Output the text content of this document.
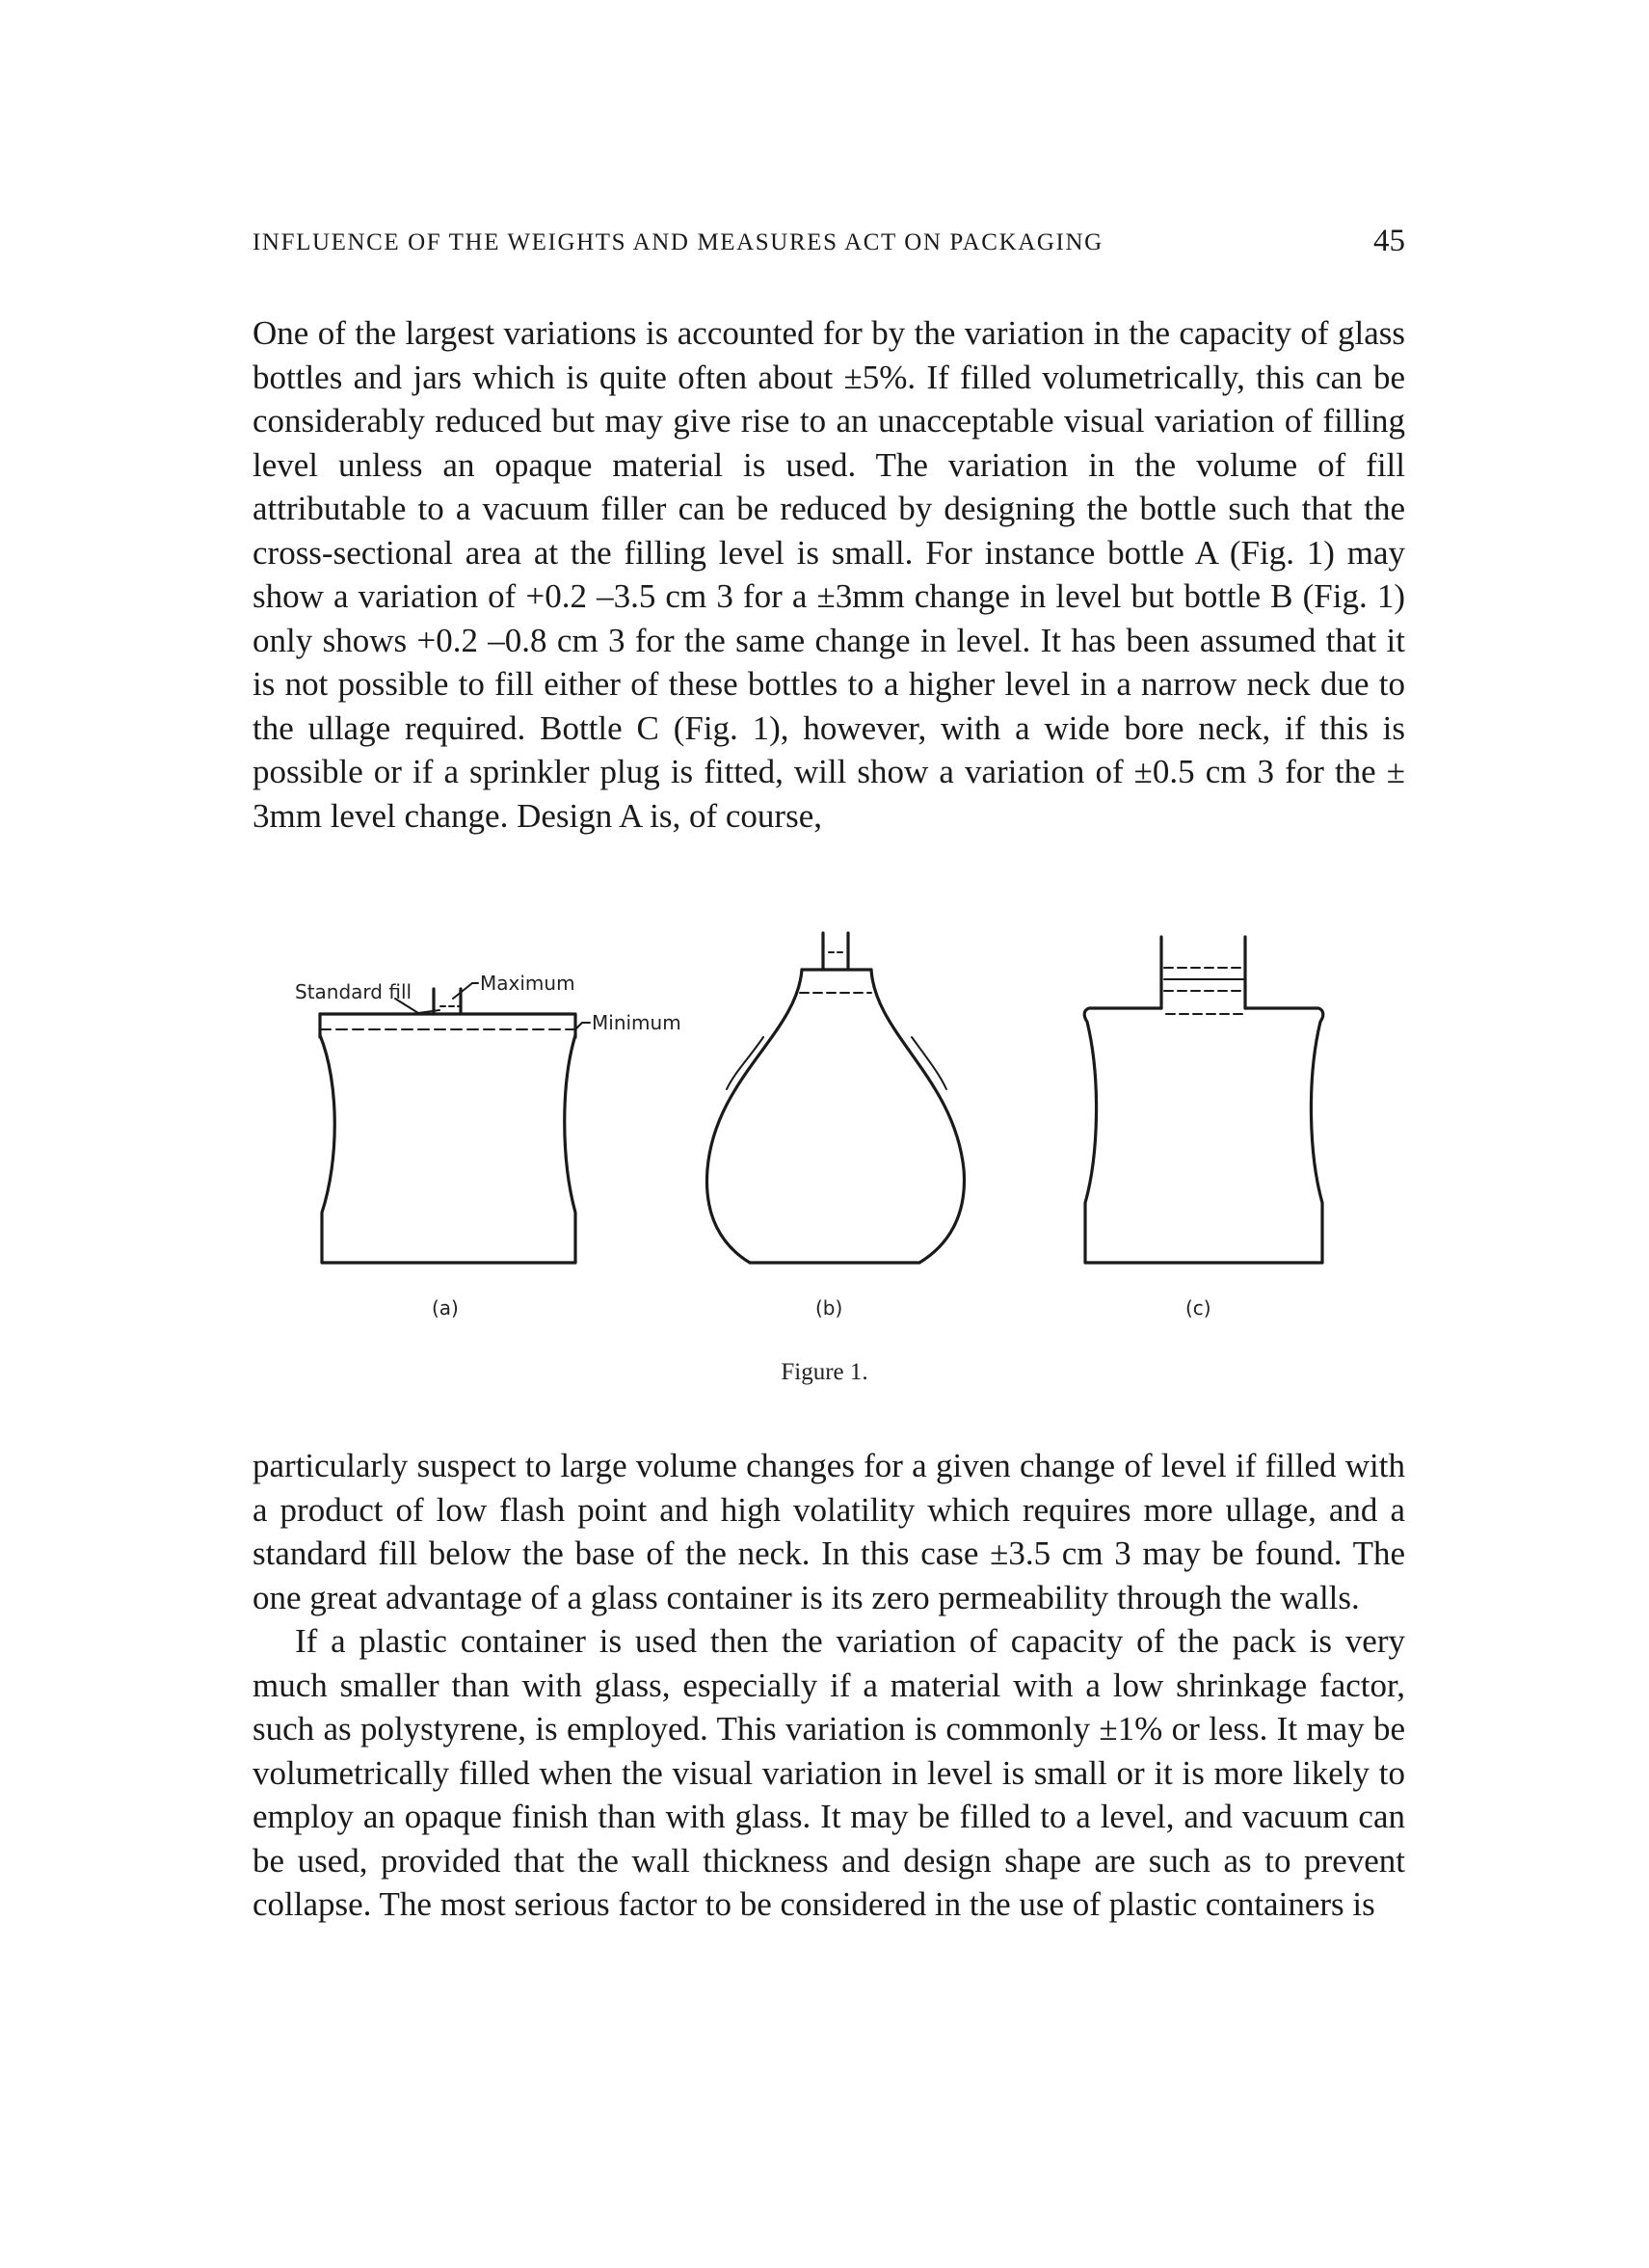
INFLUENCE OF THE WEIGHTS AND MEASURES ACT ON PACKAGING	45

One of the largest variations is accounted for by the variation in the capacity of glass bottles and jars which is quite often about ±5%. If filled volumetrically, this can be considerably reduced but may give rise to an unacceptable visual variation of filling level unless an opaque material is used. The variation in the volume of fill attributable to a vacuum filler can be reduced by designing the bottle such that the cross-sectional area at the filling level is small. For instance bottle A (Fig. 1) may show a variation of +0.2 –3.5 cm 3 for a ±3mm change in level but bottle B (Fig. 1) only shows +0.2 –0.8 cm 3 for the same change in level. It has been assumed that it is not possible to fill either of these bottles to a higher level in a narrow neck due to the ullage required. Bottle C (Fig. 1), however, with a wide bore neck, if this is possible or if a sprinkler plug is fitted, will show a variation of ±0.5 cm 3 for the ± 3mm level change. Design A is, of course,

Standard fill	Maximum
Minimum
(a)	(b)	(c)
Figure 1.

particularly suspect to large volume changes for a given change of level if filled with a product of low flash point and high volatility which requires more ullage, and a standard fill below the base of the neck. In this case ±3.5 cm 3 may be found. The one great advantage of a glass container is its zero permeability through the walls.

If a plastic container is used then the variation of capacity of the pack is very much smaller than with glass, especially if a material with a low shrinkage factor, such as polystyrene, is employed. This variation is commonly ±1% or less. It may be volumetrically filled when the visual variation in level is small or it is more likely to employ an opaque finish than with glass. It may be filled to a level, and vacuum can be used, provided that the wall thickness and design shape are such as to prevent collapse. The most serious factor to be considered in the use of plastic containers is
